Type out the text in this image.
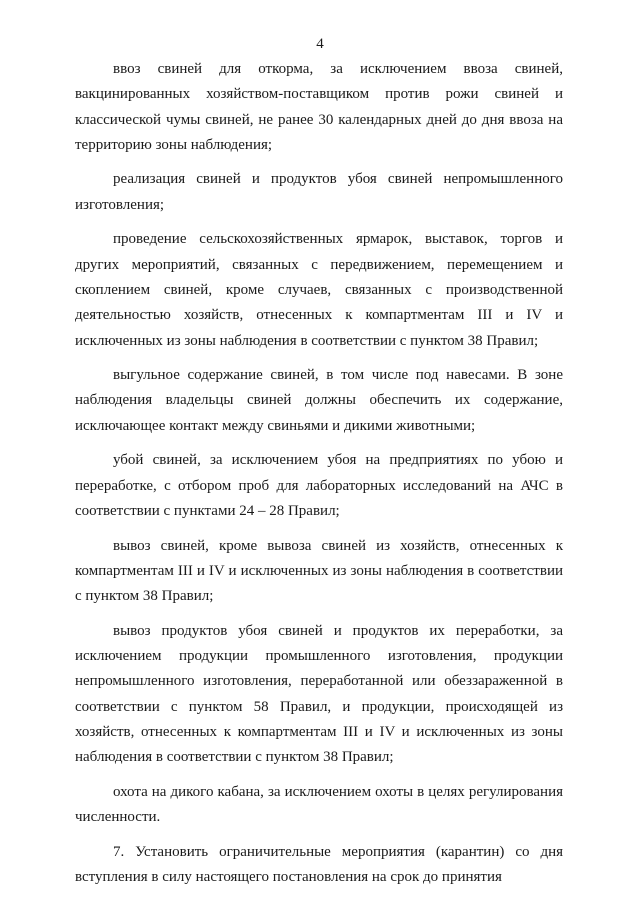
4

ввоз свиней для откорма, за исключением ввоза свиней, вакцинированных хозяйством-поставщиком против рожи свиней и классической чумы свиней, не ранее 30 календарных дней до дня ввоза на территорию зоны наблюдения;

реализация свиней и продуктов убоя свиней непромышленного изготовления;

проведение сельскохозяйственных ярмарок, выставок, торгов и других мероприятий, связанных с передвижением, перемещением и скоплением свиней, кроме случаев, связанных с производственной деятельностью хозяйств, отнесенных к компартментам III и IV и исключенных из зоны наблюдения в соответствии с пунктом 38 Правил;

выгульное содержание свиней, в том числе под навесами. В зоне наблюдения владельцы свиней должны обеспечить их содержание, исключающее контакт между свиньями и дикими животными;

убой свиней, за исключением убоя на предприятиях по убою и переработке, с отбором проб для лабораторных исследований на АЧС в соответствии с пунктами 24 – 28 Правил;

вывоз свиней, кроме вывоза свиней из хозяйств, отнесенных к компартментам III и IV и исключенных из зоны наблюдения в соответствии с пунктом 38 Правил;

вывоз продуктов убоя свиней и продуктов их переработки, за исключением продукции промышленного изготовления, продукции непромышленного изготовления, переработанной или обеззараженной в соответствии с пунктом 58 Правил, и продукции, происходящей из хозяйств, отнесенных к компартментам III и IV и исключенных из зоны наблюдения в соответствии с пунктом 38 Правил;

охота на дикого кабана, за исключением охоты в целях регулирования численности.

7. Установить ограничительные мероприятия (карантин) со дня вступления в силу настоящего постановления на срок до принятия
